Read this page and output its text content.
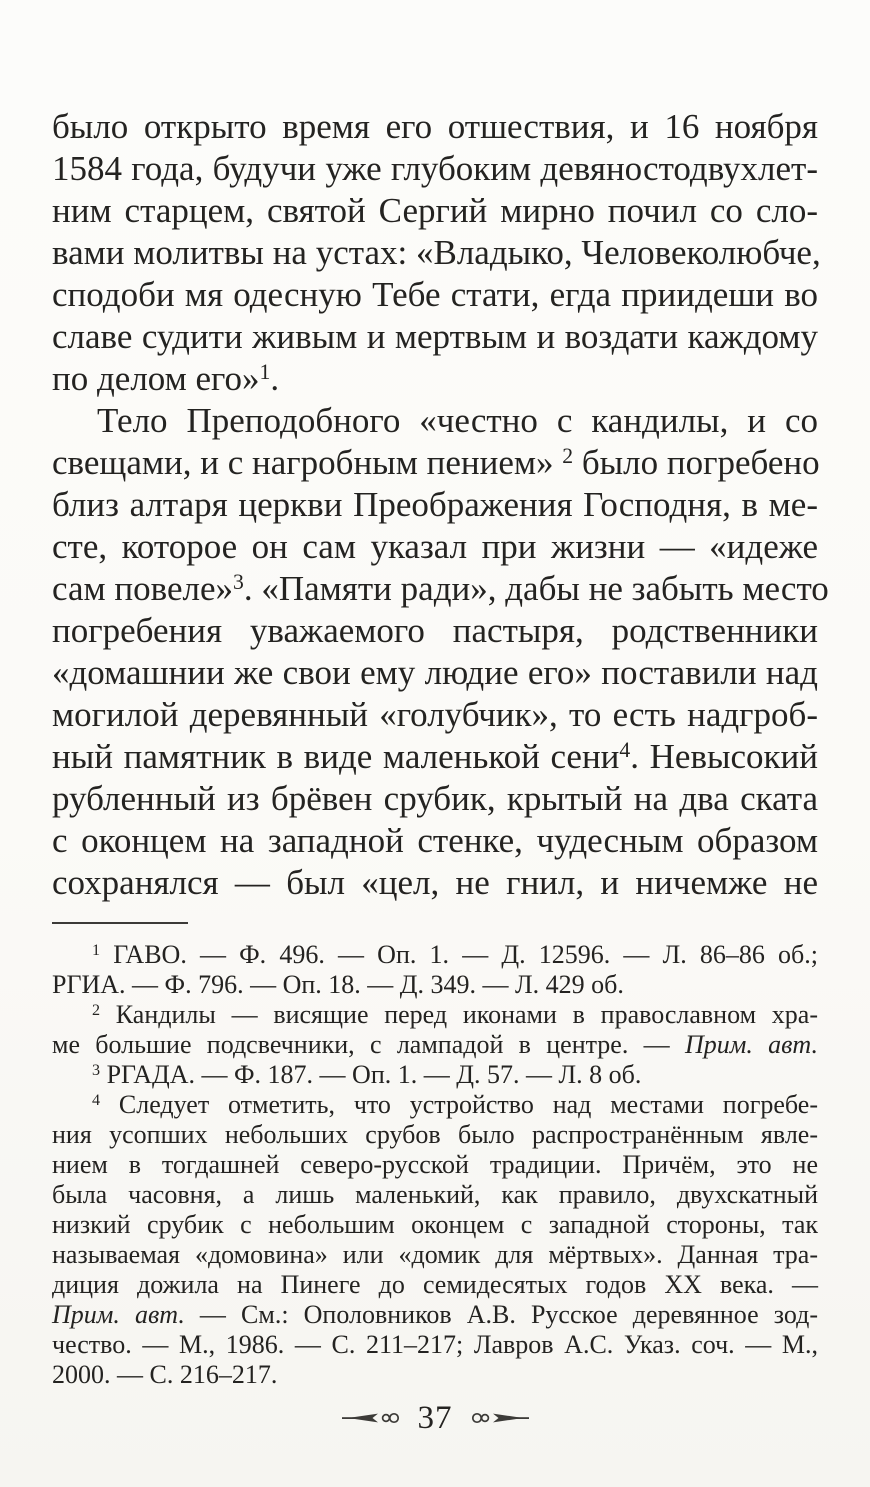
было открыто время его отшествия, и 16 ноября
1584 года, будучи уже глубоким девяностодвухлет-
ним старцем, святой Сергий мирно почил со сло-
вами молитвы на устах: «Владыко, Человеколюбче,
сподоби мя одесную Тебе стати, егда приидеши во
славе судити живым и мертвым и воздати каждому
по делом его»$^1$.
Тело Преподобного «честно с кандилы, и со
свещами, и с нагробным пением» $^2$ было погребено
близ алтаря церкви Преображения Господня, в ме-
сте, которое он сам указал при жизни — «идеже
сам повеле»$^3$. «Памяти ради», дабы не забыть место
погребения уважаемого пастыря, родственники
«домашнии же свои ему людие его» поставили над
могилой деревянный «голубчик», то есть надгроб-
ный памятник в виде маленькой сени$^4$. Невысокий
рубленный из брёвен срубик, крытый на два ската
с оконцем на западной стенке, чудесным образом
сохранялся — был «цел, не гнил, и ничемже не
$^1$ ГАВО. — Ф. 496. — Оп. 1. — Д. 12596. — Л. 86–86 об.;
РГИА. — Ф. 796. — Оп. 18. — Д. 349. — Л. 429 об.
$^2$ Кандилы — висящие перед иконами в православном хра-
ме большие подсвечники, с лампадой в центре. — Прим. авт.
$^3$ РГАДА. — Ф. 187. — Оп. 1. — Д. 57. — Л. 8 об.
$^4$ Следует отметить, что устройство над местами погребе-
ния усопших небольших срубов было распространённым явле-
нием в тогдашней северо-русской традиции. Причём, это не
была часовня, а лишь маленький, как правило, двухскатный
низкий срубик с небольшим оконцем с западной стороны, так
называемая «домовина» или «домик для мёртвых». Данная тра-
диция дожила на Пинеге до семидесятых годов XX века. —
Прим. авт. — См.: Ополовников А.В. Русское деревянное зод-
чество. — М., 1986. — С. 211–217; Лавров А.С. Указ. соч. — М.,
2000. — С. 216–217.
37
